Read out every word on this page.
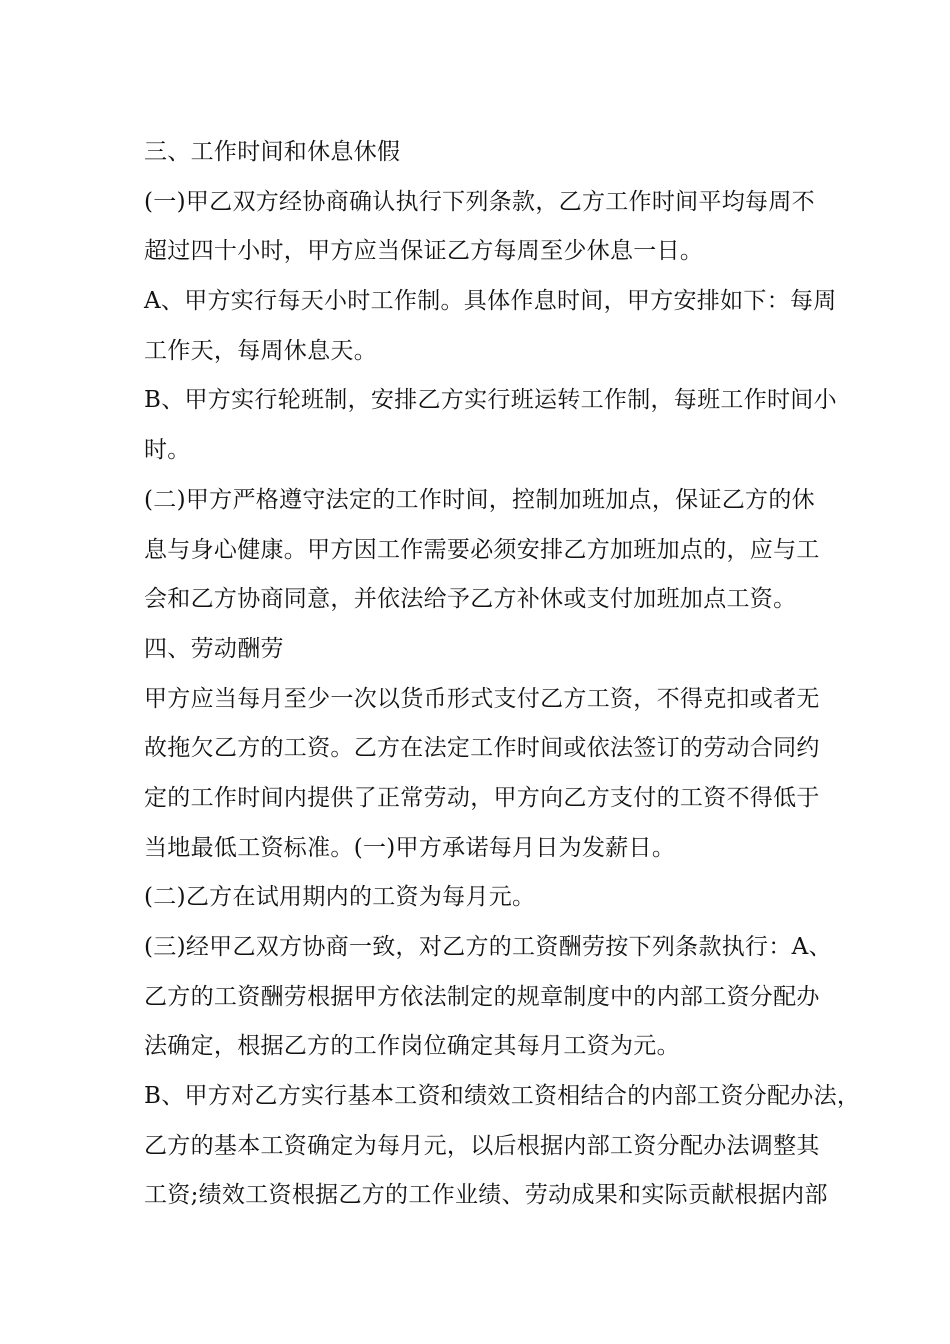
三、工作时间和休息休假
(一)甲乙双方经协商确认执行下列条款，乙方工作时间平均每周不
超过四十小时，甲方应当保证乙方每周至少休息一日。
A、甲方实行每天小时工作制。具体作息时间，甲方安排如下：每周
工作天，每周休息天。
B、甲方实行轮班制，安排乙方实行班运转工作制，每班工作时间小
时。
(二)甲方严格遵守法定的工作时间，控制加班加点，保证乙方的休
息与身心健康。甲方因工作需要必须安排乙方加班加点的，应与工
会和乙方协商同意，并依法给予乙方补休或支付加班加点工资。
四、劳动酬劳
甲方应当每月至少一次以货币形式支付乙方工资，不得克扣或者无
故拖欠乙方的工资。乙方在法定工作时间或依法签订的劳动合同约
定的工作时间内提供了正常劳动，甲方向乙方支付的工资不得低于
当地最低工资标准。(一)甲方承诺每月日为发薪日。
(二)乙方在试用期内的工资为每月元。
(三)经甲乙双方协商一致，对乙方的工资酬劳按下列条款执行：A、
乙方的工资酬劳根据甲方依法制定的规章制度中的内部工资分配办
法确定，根据乙方的工作岗位确定其每月工资为元。
B、甲方对乙方实行基本工资和绩效工资相结合的内部工资分配办法，
乙方的基本工资确定为每月元，以后根据内部工资分配办法调整其
工资;绩效工资根据乙方的工作业绩、劳动成果和实际贡献根据内部
